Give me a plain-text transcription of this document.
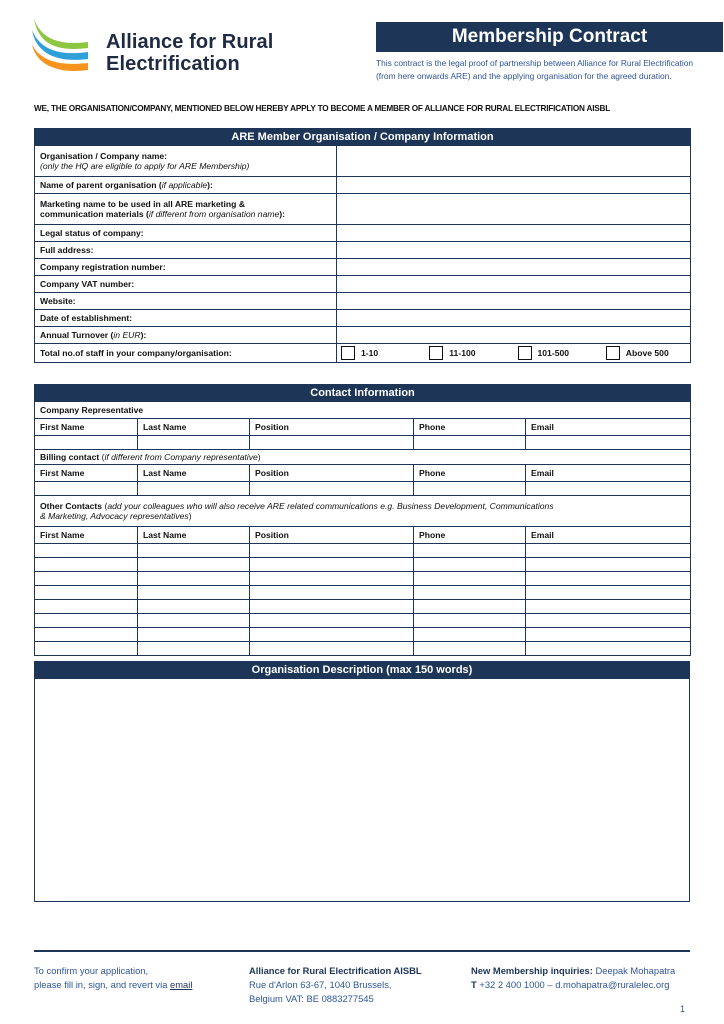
Alliance for Rural
Electrification
Membership Contract
This contract is the legal proof of partnership between Alliance for Rural Electrification
(from here onwards ARE) and the applying organisation for the agreed duration.
WE, THE ORGANISATION/COMPANY, MENTIONED BELOW HEREBY APPLY TO BECOME A MEMBER OF ALLIANCE FOR RURAL ELECTRIFICATION AISBL
ARE Member Organisation / Company Information	

Organisation / Company name:
(only the HQ are eligible to apply for ARE Membership)	

Name of parent organisation (if applicable):	

Marketing name to be used in all ARE marketing &
communication materials (if different from organisation name):	

Legal status of company:	
Full address:	
Company registration number:	
Company VAT number:	
Website:	
Date of establishment:	
Annual Turnover (in EUR):	
Total no.of staff in your company/organisation:	1-10 11-100 101-500 Above 500
Contact Information				
Company Representative				
First Name	Last Name	Position	Phone	Email

Billing contact (if different from Company representative)				
First Name	Last Name	Position	Phone	Email

Other Contacts (add your colleagues who will also receive ARE related communications e.g. Business Development, Communications
& Marketing, Advocacy representatives)				

First Name	Last Name	Position	Phone	Email

Organisation Description (max 150 words)
To confirm your application,
please fill in, sign, and revert via email
Alliance for Rural Electrification AISBL
Rue d'Arlon 63-67, 1040 Brussels,
Belgium VAT: BE 0883277545
New Membership inquiries: Deepak Mohapatra
T +32 2 400 1000 – d.mohapatra@ruralelec.org
1
